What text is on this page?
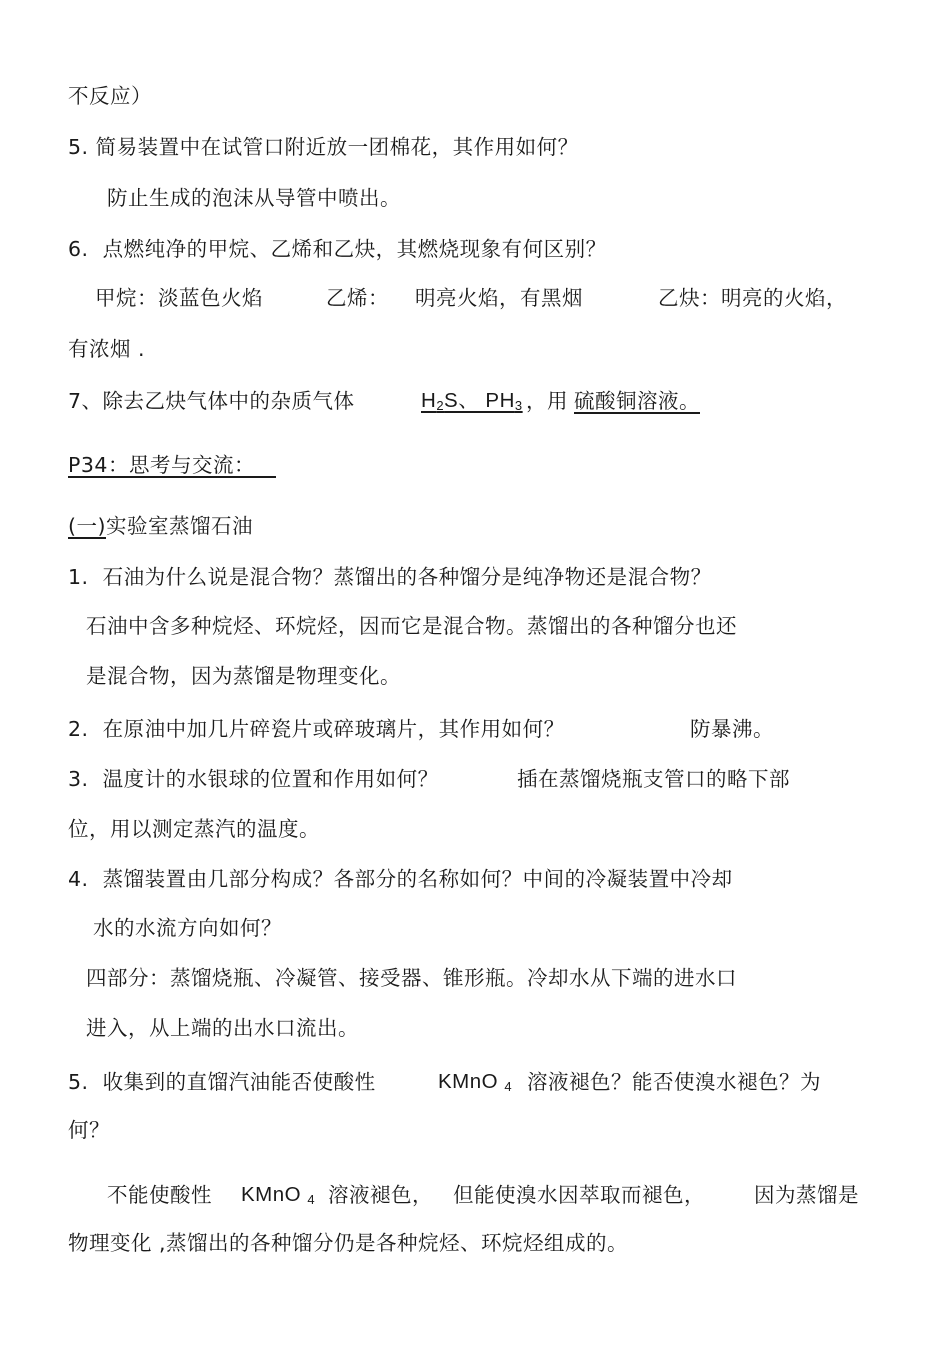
不反应）
5. 简易装置中在试管口附近放一团棉花，其作用如何？
防止生成的泡沫从导管中喷出。
6.  点燃纯净的甲烷、乙烯和乙炔，其燃烧现象有何区别？
甲烷：淡蓝色火焰	乙烯： 明亮火焰，有黑烟	乙炔：明亮的火焰，
有浓烟 .
7、除去乙炔气体中的杂质气体	$H_2S$、 $PH_3$ ，用 硫酸铜溶液。
P34：思考与交流：
(一)实验室蒸馏石油
1.  石油为什么说是混合物？蒸馏出的各种馏分是纯净物还是混合物？
石油中含多种烷烃、环烷烃，因而它是混合物。蒸馏出的各种馏分也还
是混合物，因为蒸馏是物理变化。
2.  在原油中加几片碎瓷片或碎玻璃片，其作用如何？	防暴沸。
3.  温度计的水银球的位置和作用如何？	插在蒸馏烧瓶支管口的略下部
位，用以测定蒸汽的温度。
4.  蒸馏装置由几部分构成？各部分的名称如何？中间的冷凝装置中冷却
水的水流方向如何？
四部分：蒸馏烧瓶、冷凝管、接受器、锥形瓶。冷却水从下端的进水口
进入，从上端的出水口流出。
5.  收集到的直馏汽油能否使酸性	KMnO $_4$ 溶液褪色？能否使溴水褪色？为
何？
不能使酸性 KMnO $_4$ 溶液褪色， 但能使溴水因萃取而褪色， 因为蒸馏是
物理变化 ,蒸馏出的各种馏分仍是各种烷烃、环烷烃组成的。
